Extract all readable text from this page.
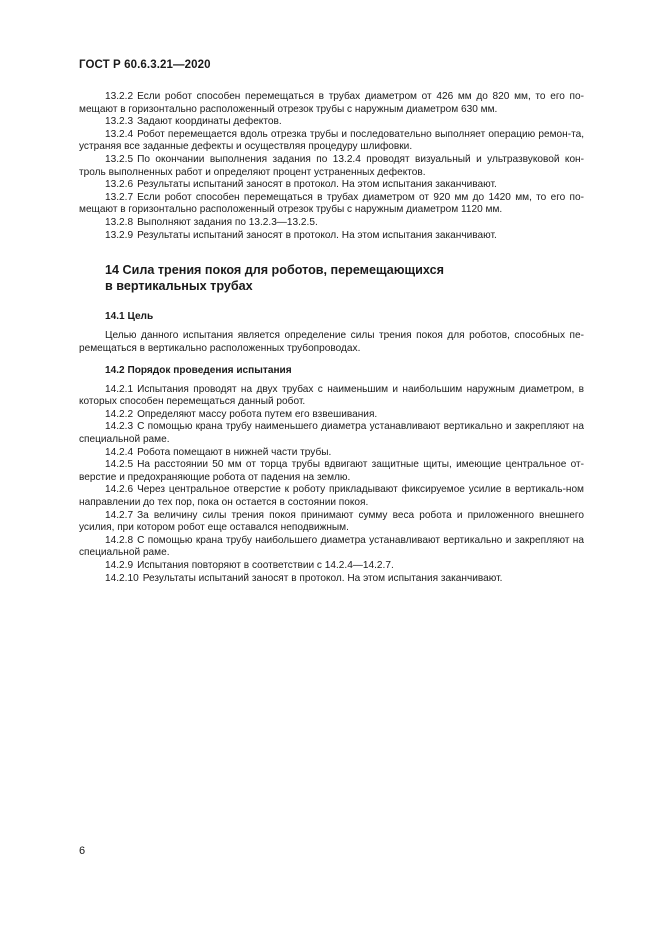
ГОСТ Р 60.6.3.21—2020

13.2.2 Если робот способен перемещаться в трубах диаметром от 426 мм до 820 мм, то его по-мещают в горизонтально расположенный отрезок трубы с наружным диаметром 630 мм.

13.2.3 Задают координаты дефектов.

13.2.4 Робот перемещается вдоль отрезка трубы и последовательно выполняет операцию ремон-та, устраняя все заданные дефекты и осуществляя процедуру шлифовки.

13.2.5 По окончании выполнения задания по 13.2.4 проводят визуальный и ультразвуковой кон-троль выполненных работ и определяют процент устраненных дефектов.

13.2.6 Результаты испытаний заносят в протокол. На этом испытания заканчивают.

13.2.7 Если робот способен перемещаться в трубах диаметром от 920 мм до 1420 мм, то его по-мещают в горизонтально расположенный отрезок трубы с наружным диаметром 1120 мм.

13.2.8 Выполняют задания по 13.2.3—13.2.5.

13.2.9 Результаты испытаний заносят в протокол. На этом испытания заканчивают.

14 Сила трения покоя для роботов, перемещающихся
в вертикальных трубах
14.1 Цель

Целью данного испытания является определение силы трения покоя для роботов, способных пе-ремещаться в вертикально расположенных трубопроводах.

14.2 Порядок проведения испытания

14.2.1 Испытания проводят на двух трубах с наименьшим и наибольшим наружным диаметром, в которых способен перемещаться данный робот.

14.2.2 Определяют массу робота путем его взвешивания.

14.2.3 С помощью крана трубу наименьшего диаметра устанавливают вертикально и закрепляют на специальной раме.

14.2.4 Робота помещают в нижней части трубы.

14.2.5 На расстоянии 50 мм от торца трубы вдвигают защитные щиты, имеющие центральное от-верстие и предохраняющие робота от падения на землю.

14.2.6 Через центральное отверстие к роботу прикладывают фиксируемое усилие в вертикаль-ном направлении до тех пор, пока он остается в состоянии покоя.

14.2.7 За величину силы трения покоя принимают сумму веса робота и приложенного внешнего усилия, при котором робот еще оставался неподвижным.

14.2.8 С помощью крана трубу наибольшего диаметра устанавливают вертикально и закрепляют на специальной раме.

14.2.9 Испытания повторяют в соответствии с 14.2.4—14.2.7.

14.2.10 Результаты испытаний заносят в протокол. На этом испытания заканчивают.

6
